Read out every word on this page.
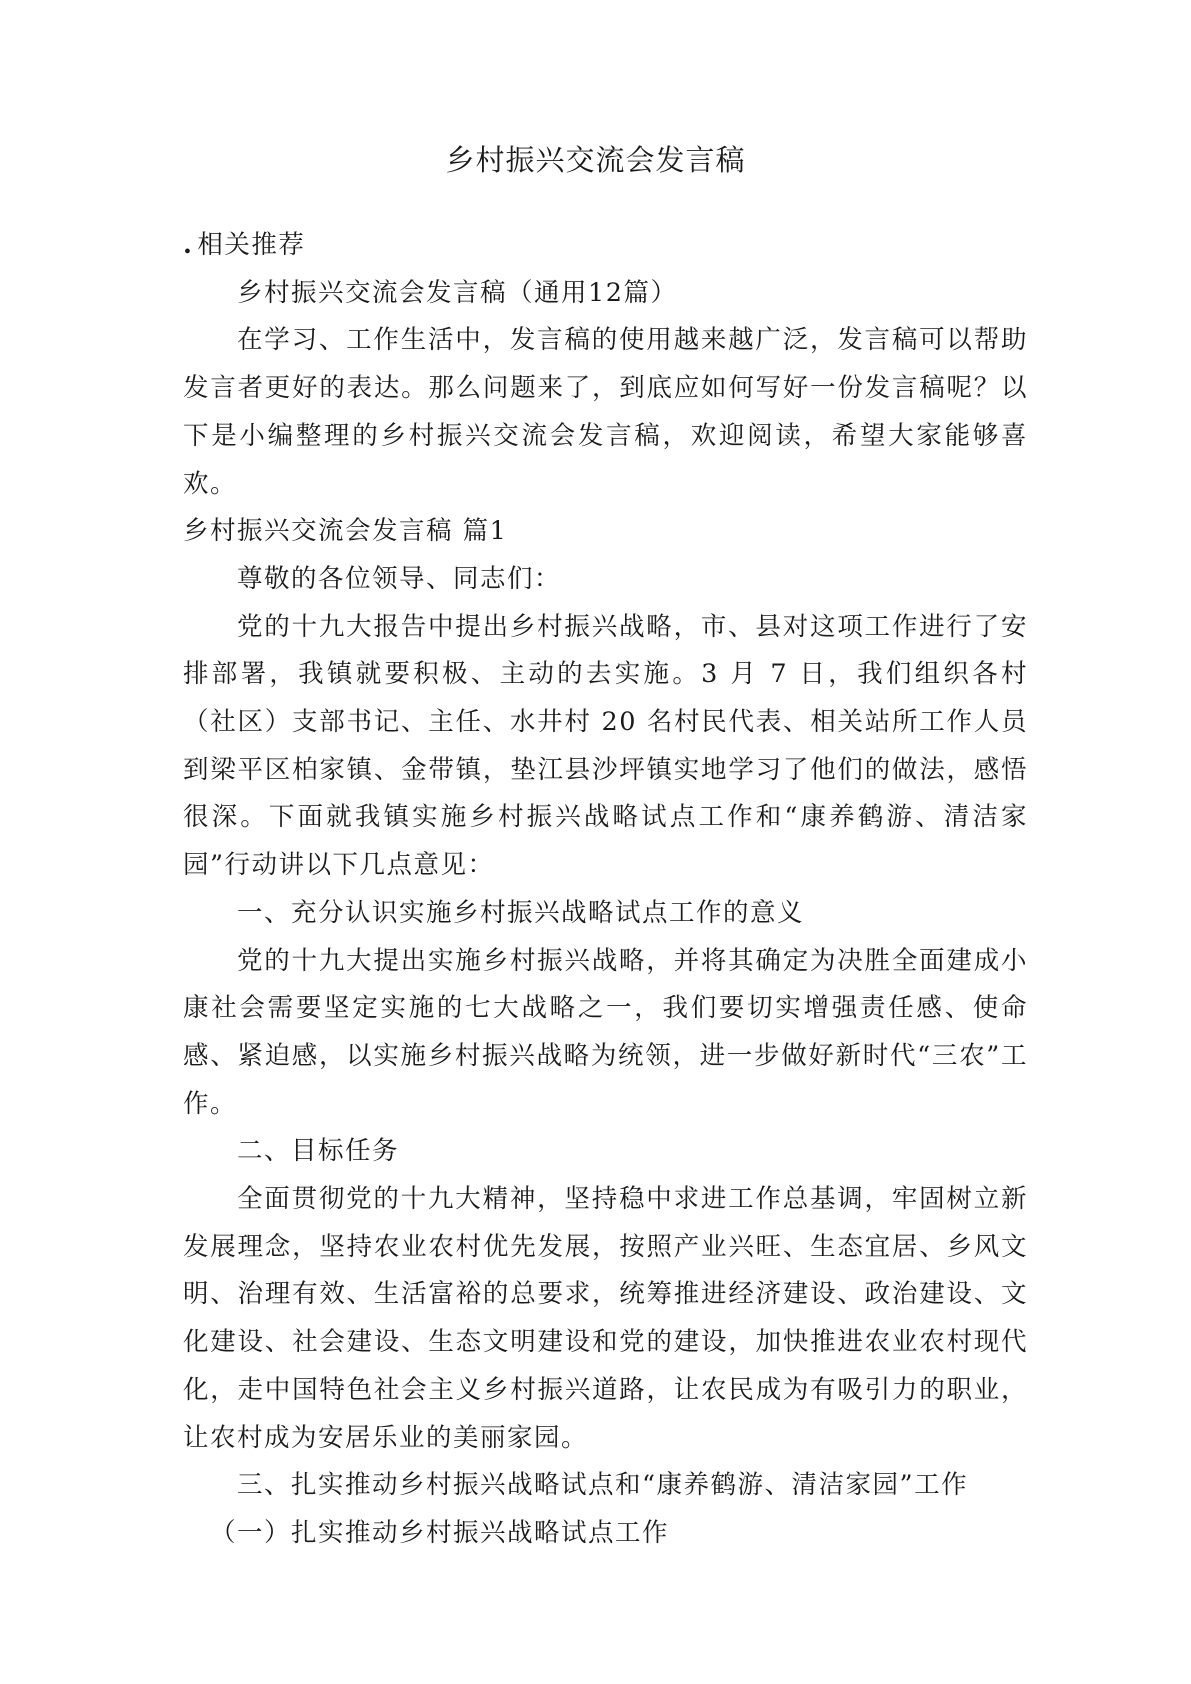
乡村振兴交流会发言稿

. 相关推荐

乡村振兴交流会发言稿（通用12篇）

在学习、工作生活中，发言稿的使用越来越广泛，发言稿可以帮助发言者更好的表达。那么问题来了，到底应如何写好一份发言稿呢？以下是小编整理的乡村振兴交流会发言稿，欢迎阅读，希望大家能够喜欢。

乡村振兴交流会发言稿 篇1

尊敬的各位领导、同志们：

党的十九大报告中提出乡村振兴战略，市、县对这项工作进行了安排部署，我镇就要积极、主动的去实施。3 月 7 日，我们组织各村（社区）支部书记、主任、水井村 20 名村民代表、相关站所工作人员到梁平区柏家镇、金带镇，垫江县沙坪镇实地学习了他们的做法，感悟很深。下面就我镇实施乡村振兴战略试点工作和“康养鹤游、清洁家园”行动讲以下几点意见：

一、充分认识实施乡村振兴战略试点工作的意义

党的十九大提出实施乡村振兴战略，并将其确定为决胜全面建成小康社会需要坚定实施的七大战略之一，我们要切实增强责任感、使命感、紧迫感，以实施乡村振兴战略为统领，进一步做好新时代“三农”工作。

二、目标任务

全面贯彻党的十九大精神，坚持稳中求进工作总基调，牢固树立新发展理念，坚持农业农村优先发展，按照产业兴旺、生态宜居、乡风文明、治理有效、生活富裕的总要求，统筹推进经济建设、政治建设、文化建设、社会建设、生态文明建设和党的建设，加快推进农业农村现代化，走中国特色社会主义乡村振兴道路，让农民成为有吸引力的职业，让农村成为安居乐业的美丽家园。

三、扎实推动乡村振兴战略试点和“康养鹤游、清洁家园”工作

（一）扎实推动乡村振兴战略试点工作
